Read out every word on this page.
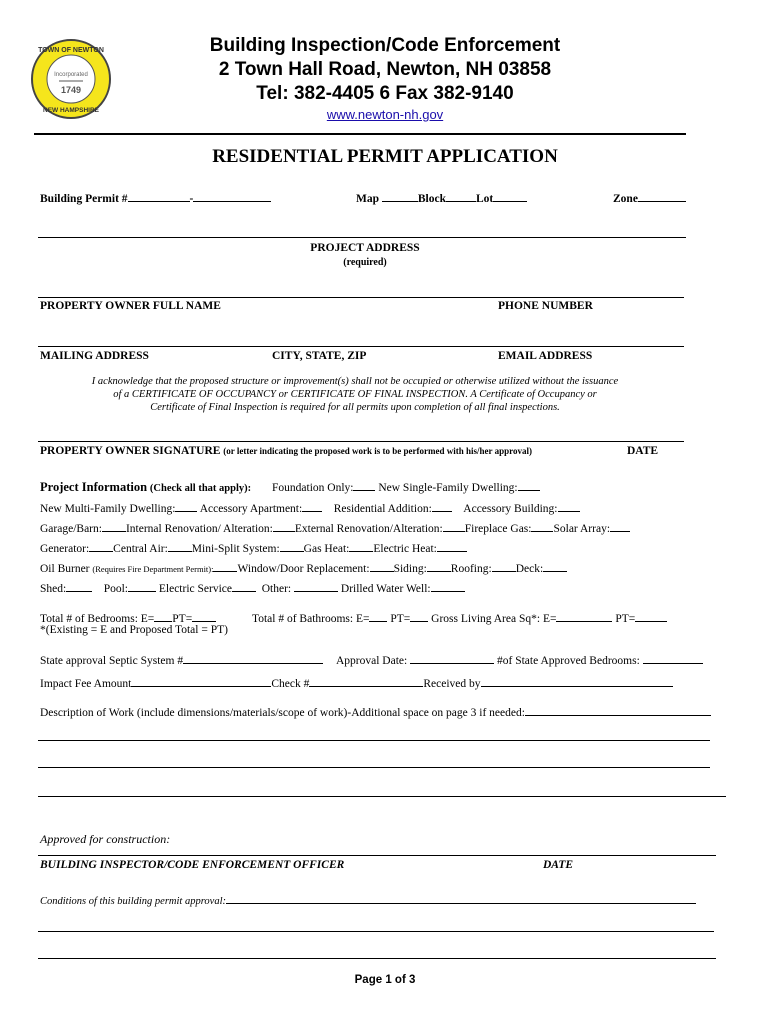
Incorporated
1749
TOWN OF NEWTON
NEW HAMPSHIRE
Building Inspection/Code Enforcement
2 Town Hall Road, Newton, NH 03858
Tel: 382-4405 6 Fax 382-9140
www.newton-nh.gov
RESIDENTIAL PERMIT APPLICATION
Building Permit #	-	Map	Block	Lot	Zone
PROJECT ADDRESS
(required)
PROPERTY OWNER FULL NAME	PHONE NUMBER
MAILING ADDRESS	CITY, STATE, ZIP	EMAIL ADDRESS
I acknowledge that the proposed structure or improvement(s) shall not be occupied or otherwise utilized without the issuance
of a CERTIFICATE OF OCCUPANCY or CERTIFICATE OF FINAL INSPECTION. A Certificate of Occupancy or
Certificate of Final Inspection is required for all permits upon completion of all final inspections.
PROPERTY OWNER SIGNATURE (or letter indicating the proposed work is to be performed with his/her approval)	DATE
Project Information (Check all that apply): Foundation Only: New Single-Family Dwelling:
New Multi-Family Dwelling: Accessory Apartment:	Residential Addition:	Accessory Building:
Garage/Barn: Internal Renovation/ Alteration: External Renovation/Alteration: Fireplace Gas: Solar Array:
Generator: Central Air: Mini-Split System: Gas Heat: Electric Heat:
Oil Burner (Requires Fire Department Permit): Window/Door Replacement: Siding: Roofing: Deck:
Shed:	Pool:	Electric Service	Other:	Drilled Water Well:
Total # of Bedrooms: E= PT=	Total # of Bathrooms: E= PT= Gross Living Area Sq*: E=	PT=
*(Existing = E and Proposed Total = PT)
State approval Septic System #	Approval Date:	#of State Approved Bedrooms:
Impact Fee Amount	Check #	Received by
Description of Work (include dimensions/materials/scope of work)-Additional space on page 3 if needed:
Approved for construction:
BUILDING INSPECTOR/CODE ENFORCEMENT OFFICER	DATE
Conditions of this building permit approval:
Page 1 of 3
